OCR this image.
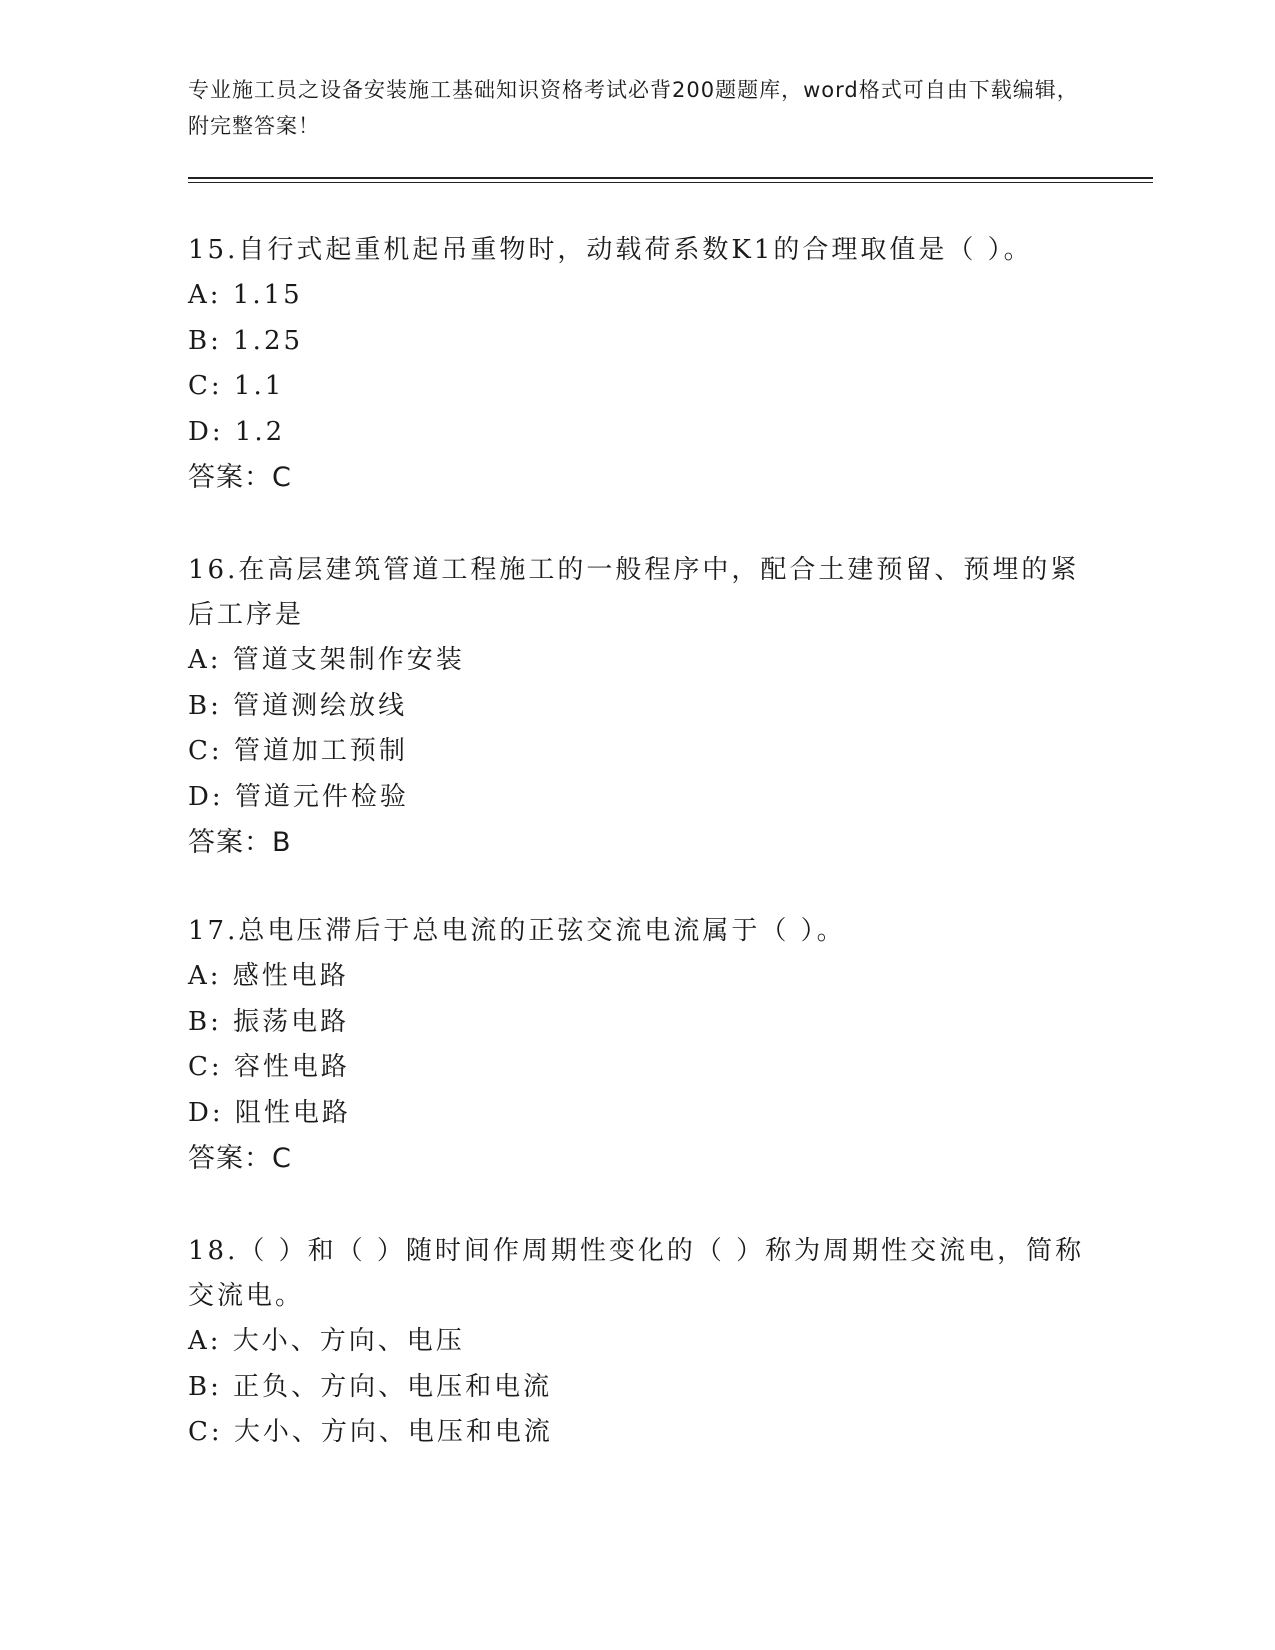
专业施工员之设备安装施工基础知识资格考试必背200题题库，word格式可自由下载编辑，附完整答案！
15.自行式起重机起吊重物时，动载荷系数K1的合理取值是（ ）。
A: 1.15
B: 1.25
C: 1.1
D: 1.2
答案：C
16.在高层建筑管道工程施工的一般程序中，配合土建预留、预埋的紧后工序是
A: 管道支架制作安装
B: 管道测绘放线
C: 管道加工预制
D: 管道元件检验
答案：B
17.总电压滞后于总电流的正弦交流电流属于（ ）。
A: 感性电路
B: 振荡电路
C: 容性电路
D: 阻性电路
答案：C
18.（ ）和（ ）随时间作周期性变化的（ ）称为周期性交流电，简称交流电。
A: 大小、方向、电压
B: 正负、方向、电压和电流
C: 大小、方向、电压和电流
